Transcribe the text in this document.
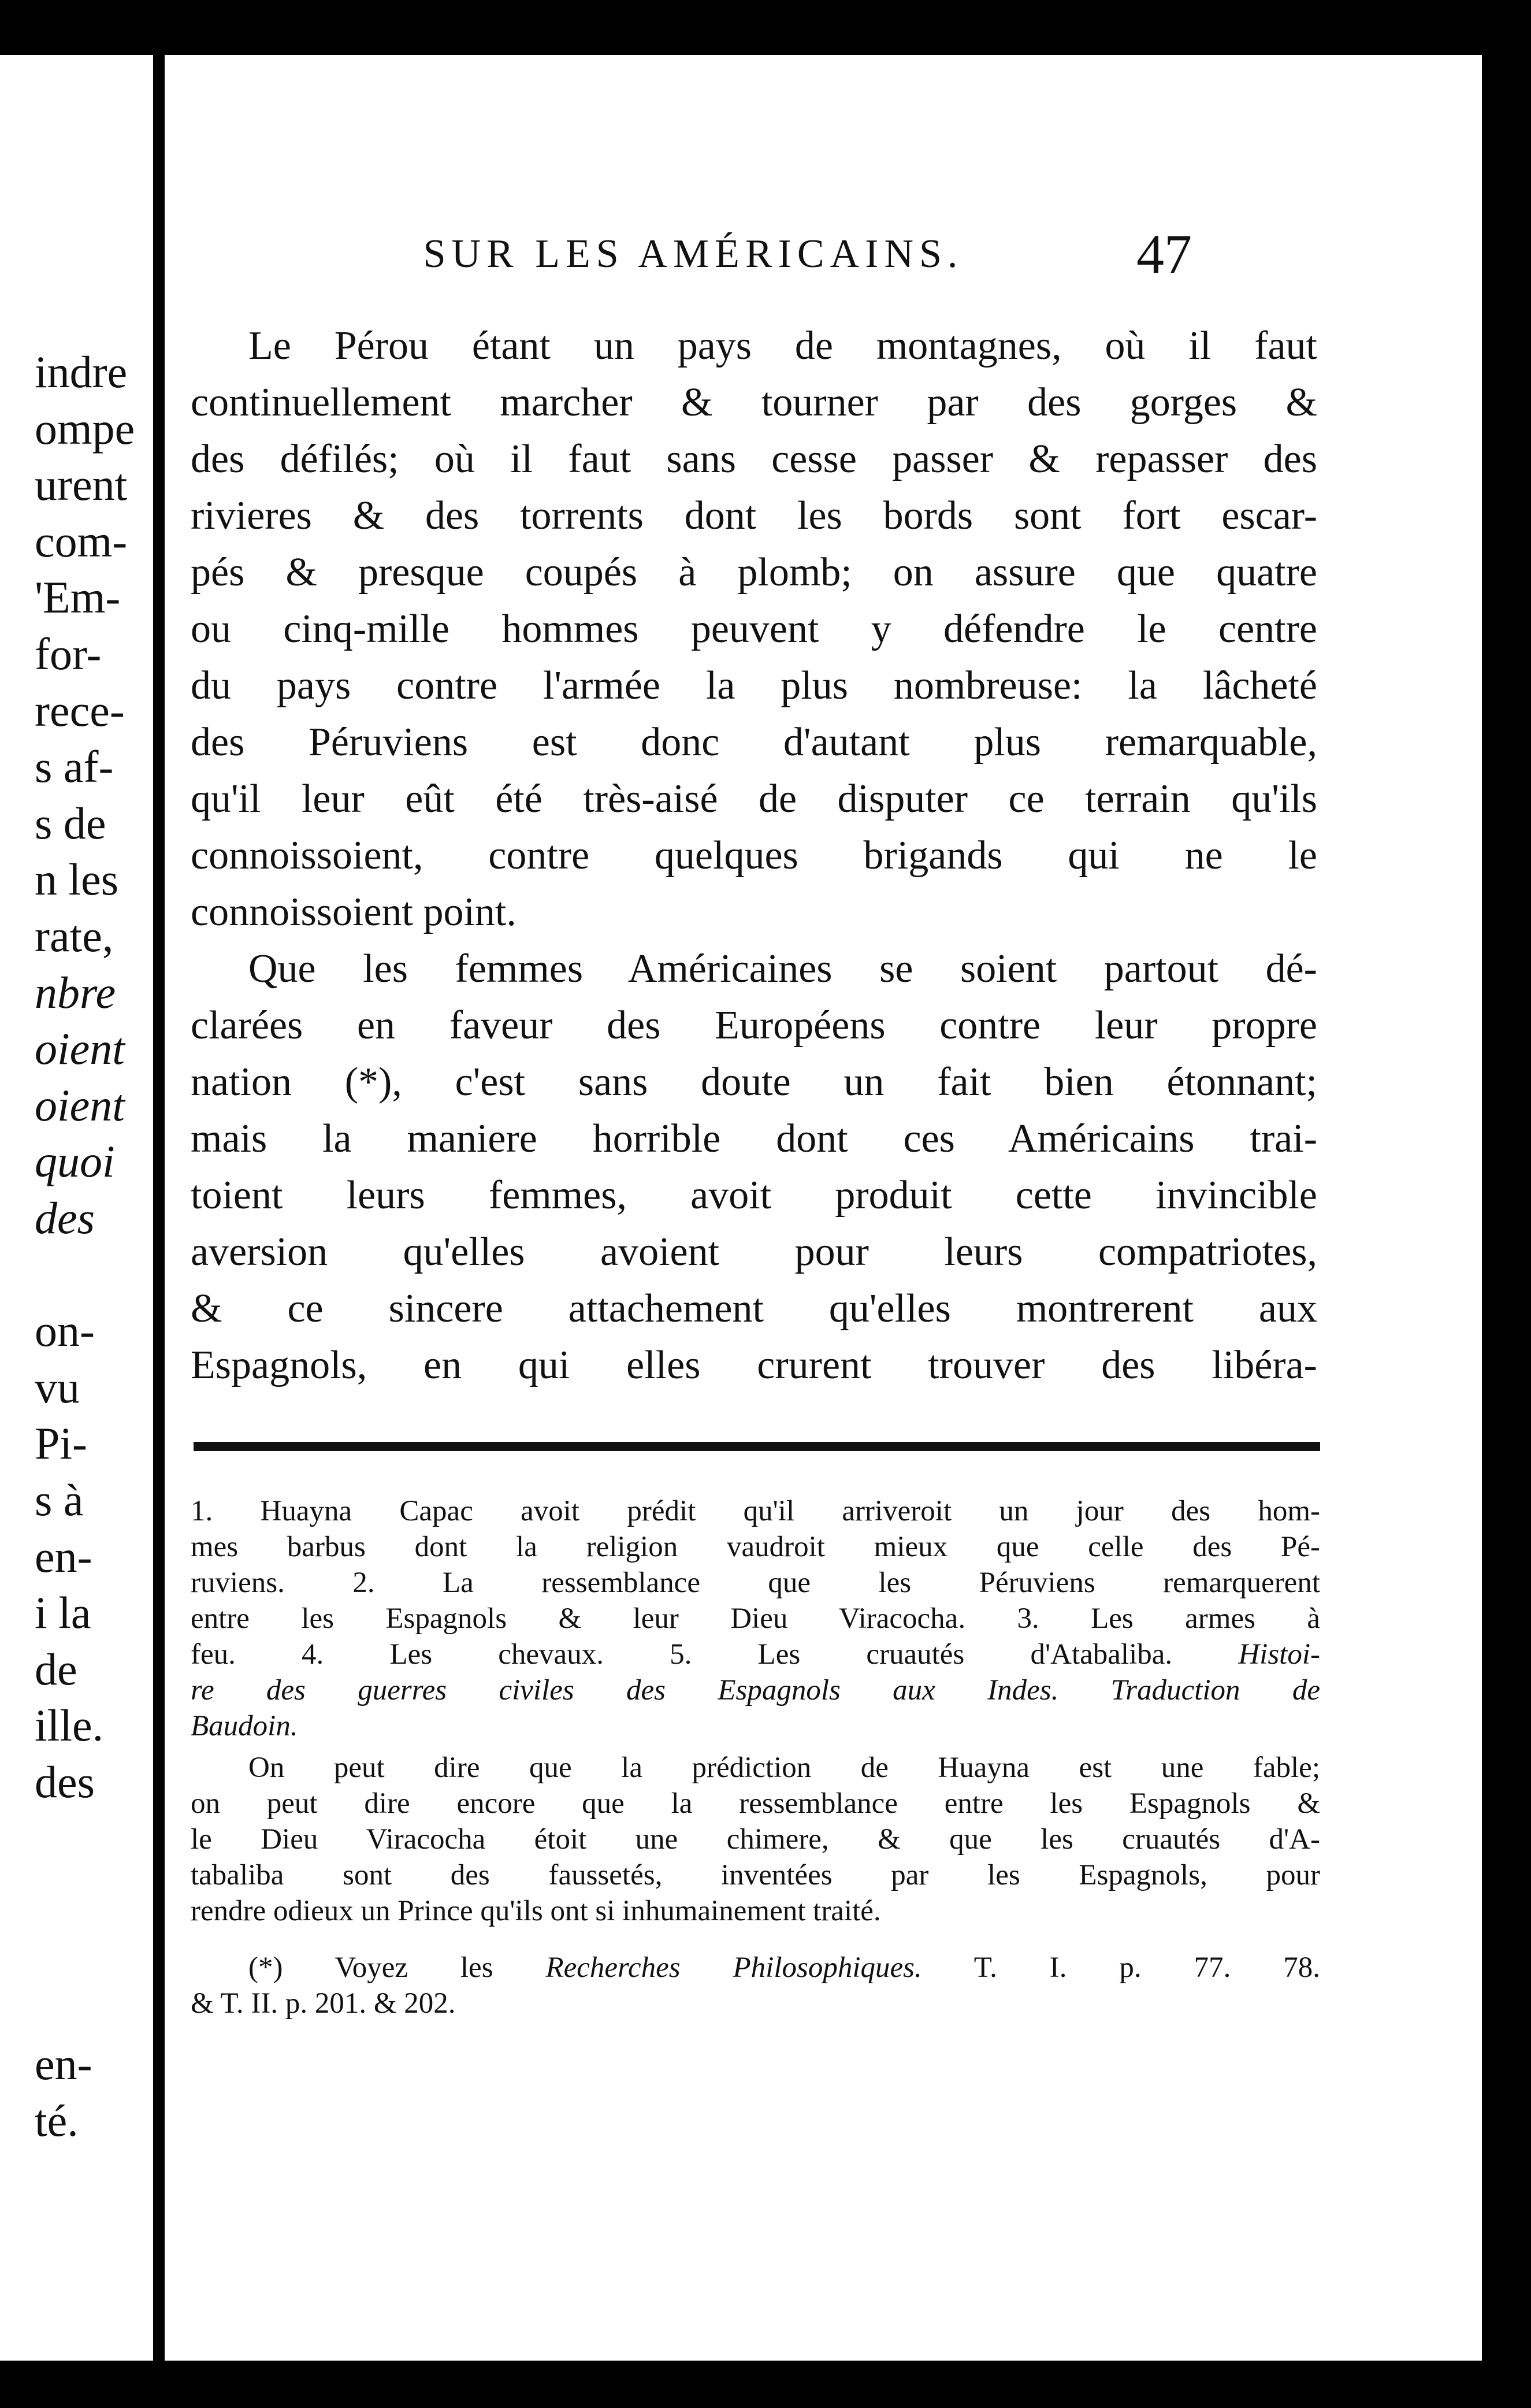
indre
ompe
urent
com-
'Em-
for-
rece-
s af-
s de
n les
rate,
nbre
oient
oient
quoi
des
on-
vu
Pi-
s à
en-
i la
de
ille.
des
en-
té.
SUR LES AMÉRICAINS.	47
Le Pérou étant un pays de montagnes, où il faut
continuellement marcher & tourner par des gorges &
des défilés; où il faut sans cesse passer & repasser des
rivieres & des torrents dont les bords sont fort escar-
pés & presque coupés à plomb; on assure que quatre
ou cinq-mille hommes peuvent y défendre le centre
du pays contre l'armée la plus nombreuse: la lâcheté
des Péruviens est donc d'autant plus remarquable,
qu'il leur eût été très-aisé de disputer ce terrain qu'ils
connoissoient, contre quelques brigands qui ne le
connoissoient point.
Que les femmes Américaines se soient partout dé-
clarées en faveur des Européens contre leur propre
nation (*), c'est sans doute un fait bien étonnant;
mais la maniere horrible dont ces Américains trai-
toient leurs femmes, avoit produit cette invincible
aversion qu'elles avoient pour leurs compatriotes,
& ce sincere attachement qu'elles montrerent aux
Espagnols, en qui elles crurent trouver des libéra-
1. Huayna Capac avoit prédit qu'il arriveroit un jour des hom-
mes barbus dont la religion vaudroit mieux que celle des Pé-
ruviens. 2. La ressemblance que les Péruviens remarquerent
entre les Espagnols & leur Dieu Viracocha. 3. Les armes à
feu. 4. Les chevaux. 5. Les cruautés d'Atabaliba. Histoi-
re des guerres civiles des Espagnols aux Indes. Traduction de
Baudoin.
On peut dire que la prédiction de Huayna est une fable;
on peut dire encore que la ressemblance entre les Espagnols &
le Dieu Viracocha étoit une chimere, & que les cruautés d'A-
tabaliba sont des faussetés, inventées par les Espagnols, pour
rendre odieux un Prince qu'ils ont si inhumainement traité.
(*) Voyez les Recherches Philosophiques. T. I. p. 77. 78.
& T. II. p. 201. & 202.
